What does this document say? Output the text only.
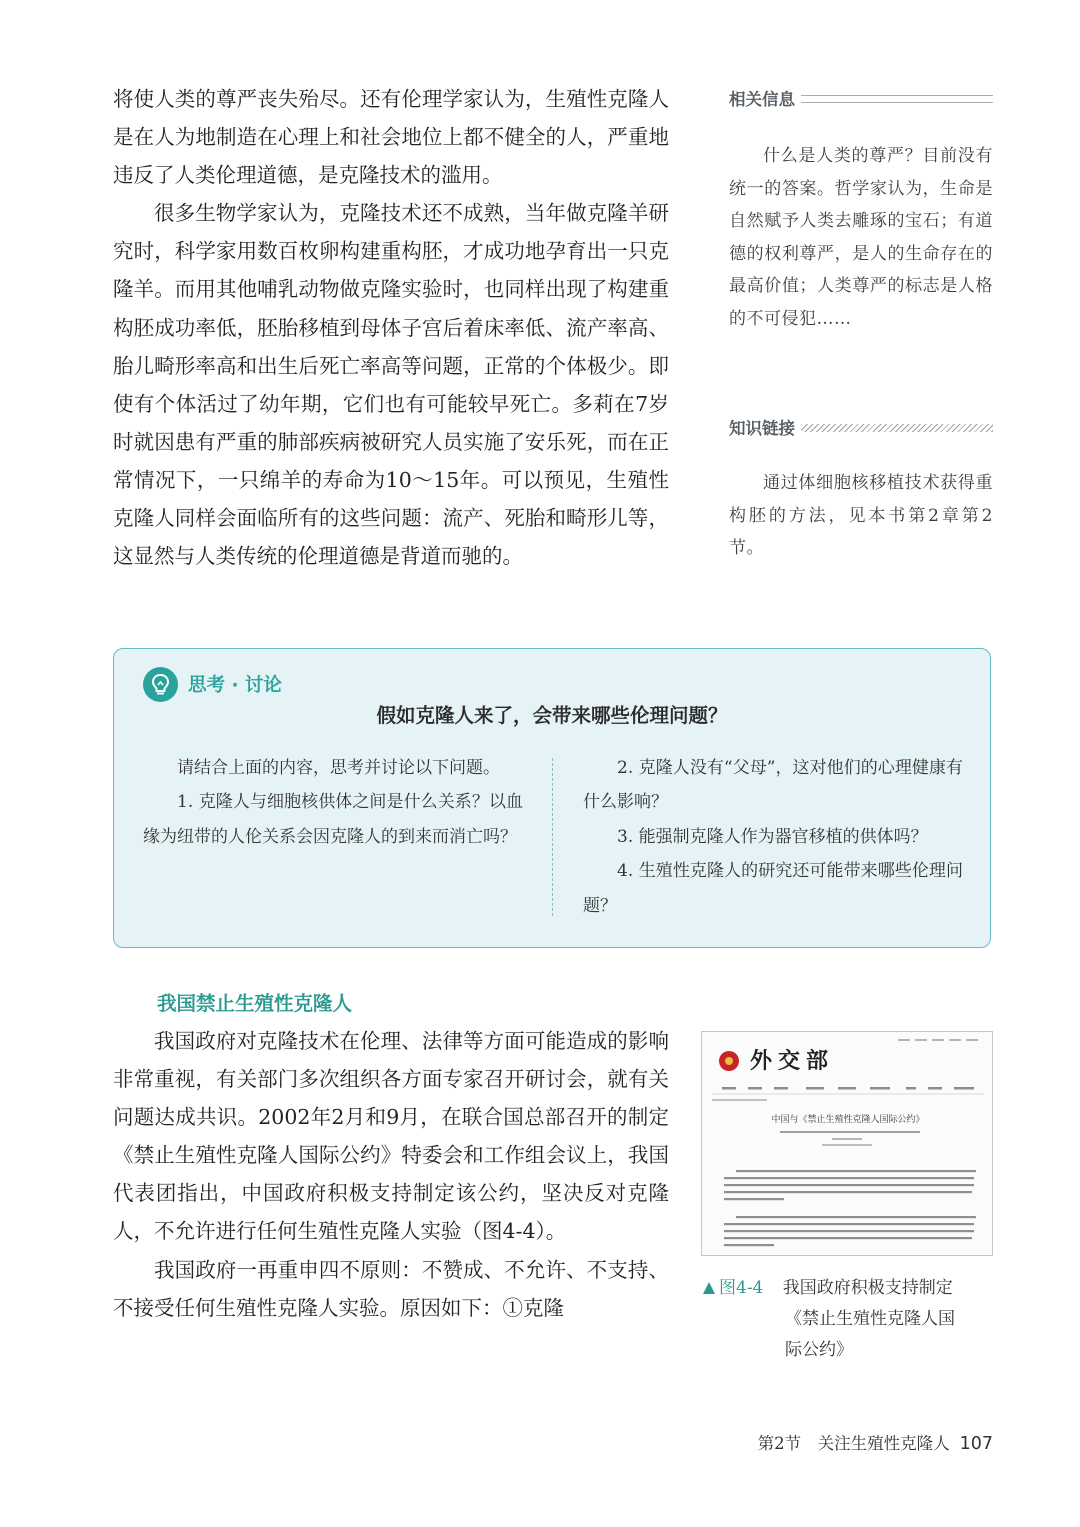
将使人类的尊严丧失殆尽。还有伦理学家认为，生殖性克隆人是在人为地制造在心理上和社会地位上都不健全的人，严重地违反了人类伦理道德，是克隆技术的滥用。

很多生物学家认为，克隆技术还不成熟，当年做克隆羊研究时，科学家用数百枚卵构建重构胚，才成功地孕育出一只克隆羊。而用其他哺乳动物做克隆实验时，也同样出现了构建重构胚成功率低，胚胎移植到母体子宫后着床率低、流产率高、胎儿畸形率高和出生后死亡率高等问题，正常的个体极少。即使有个体活过了幼年期，它们也有可能较早死亡。多莉在7岁时就因患有严重的肺部疾病被研究人员实施了安乐死，而在正常情况下，一只绵羊的寿命为10～15年。可以预见，生殖性克隆人同样会面临所有的这些问题：流产、死胎和畸形儿等，这显然与人类传统的伦理道德是背道而驰的。

相关信息

什么是人类的尊严？目前没有统一的答案。哲学家认为，生命是自然赋予人类去雕琢的宝石；有道德的权利尊严，是人的生命存在的最高价值；人类尊严的标志是人格的不可侵犯……

知识链接

通过体细胞核移植技术获得重构胚的方法，见本书第2章第2节。

思考 · 讨论
假如克隆人来了，会带来哪些伦理问题？

请结合上面的内容，思考并讨论以下问题。

1. 克隆人与细胞核供体之间是什么关系？以血缘为纽带的人伦关系会因克隆人的到来而消亡吗？

2. 克隆人没有“父母”，这对他们的心理健康有什么影响？

3. 能强制克隆人作为器官移植的供体吗？

4. 生殖性克隆人的研究还可能带来哪些伦理问题？

我国禁止生殖性克隆人

我国政府对克隆技术在伦理、法律等方面可能造成的影响非常重视，有关部门多次组织各方面专家召开研讨会，就有关问题达成共识。2002年2月和9月，在联合国总部召开的制定《禁止生殖性克隆人国际公约》特委会和工作组会议上，我国代表团指出，中国政府积极支持制定该公约，坚决反对克隆人，不允许进行任何生殖性克隆人实验（图4-4）。

我国政府一再重申四不原则：不赞成、不允许、不支持、不接受任何生殖性克隆人实验。原因如下：①克隆

外交部
中国与《禁止生殖性克隆人国际公约》
图4-4 我国政府积极支持制定
《禁止生殖性克隆人国
际公约》
第2节　关注生殖性克隆人 107
